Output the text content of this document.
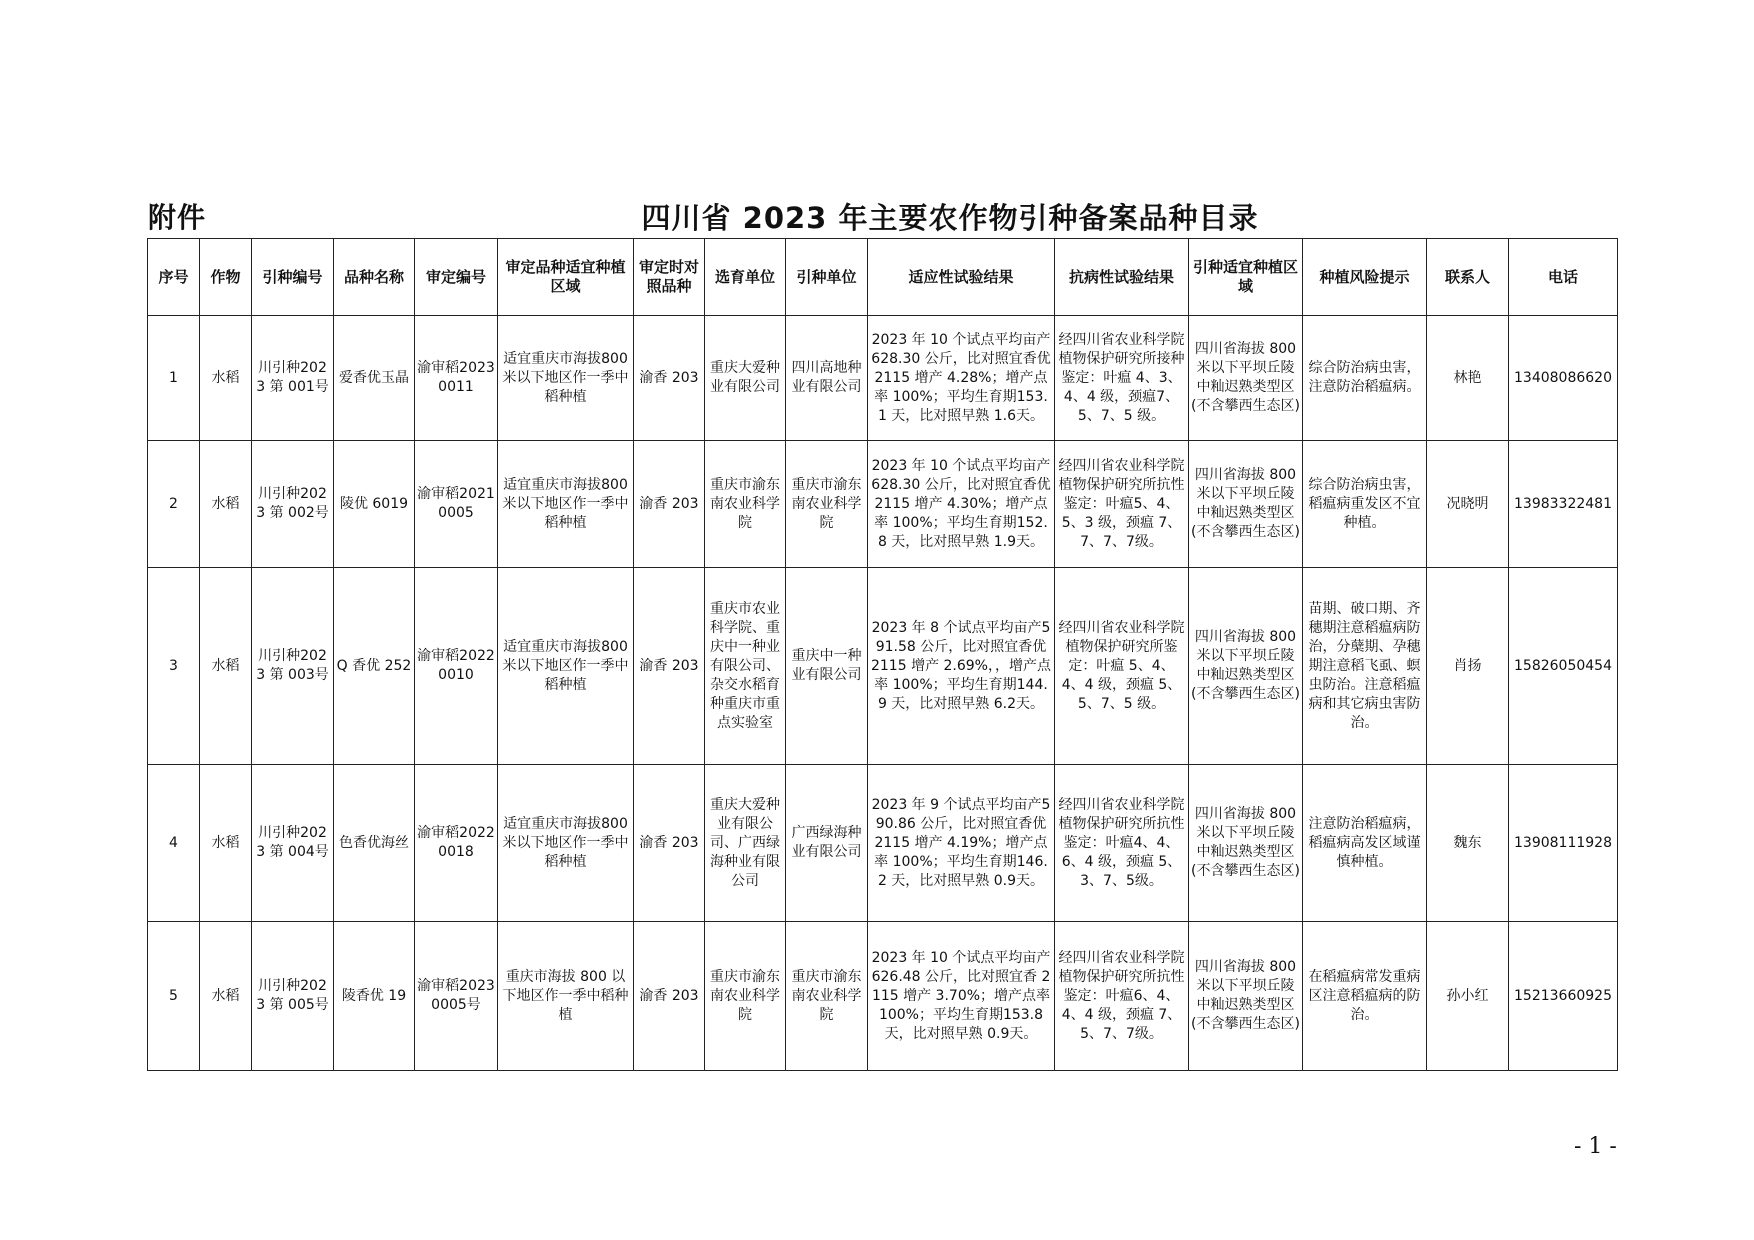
附件	四川省 2023 年主要农作物引种备案品种目录
序号	作物	引种编号	品种名称	审定编号	审定品种适宜种植区域	审定时对照品种	选育单位	引种单位	适应性试验结果	抗病性试验结果	引种适宜种植区域	种植风险提示	联系人	电话
1	水稻	川引种2023 第 001号	爱香优玉晶	渝审稻20230011	适宜重庆市海拔800 米以下地区作一季中稻种植	渝香 203	重庆大爱种业有限公司	四川高地种业有限公司	2023 年 10 个试点平均亩产 628.30 公斤，比对照宜香优 2115 增产 4.28%；增产点率 100%；平均生育期153.1 天，比对照早熟 1.6天。	经四川省农业科学院植物保护研究所接种鉴定：叶瘟 4、3、4、4 级，颈瘟7、5、7、5 级。	四川省海拔 800米以下平坝丘陵中籼迟熟类型区(不含攀西生态区)	综合防治病虫害，注意防治稻瘟病。	林艳	13408086620
2	水稻	川引种2023 第 002号	陵优 6019	渝审稻20210005	适宜重庆市海拔800 米以下地区作一季中稻种植	渝香 203	重庆市渝东南农业科学院	重庆市渝东南农业科学院	2023 年 10 个试点平均亩产 628.30 公斤，比对照宜香优 2115 增产 4.30%；增产点率 100%；平均生育期152.8 天，比对照早熟 1.9天。	经四川省农业科学院植物保护研究所抗性鉴定：叶瘟5、4、5、3 级，颈瘟 7、7、7、7级。	四川省海拔 800米以下平坝丘陵中籼迟熟类型区(不含攀西生态区)	综合防治病虫害，稻瘟病重发区不宜种植。	况晓明	13983322481
3	水稻	川引种2023 第 003号	Q 香优 252	渝审稻20220010	适宜重庆市海拔800 米以下地区作一季中稻种植	渝香 203	重庆市农业科学院、重庆中一种业有限公司、杂交水稻育种重庆市重点实验室	重庆中一种业有限公司	2023 年 8 个试点平均亩产591.58 公斤，比对照宜香优 2115 增产 2.69%，，增产点率 100%；平均生育期144.9 天，比对照早熟 6.2天。	经四川省农业科学院植物保护研究所鉴定：叶瘟 5、4、4、4 级，颈瘟 5、5、7、5 级。	四川省海拔 800米以下平坝丘陵中籼迟熟类型区(不含攀西生态区)	苗期、破口期、齐穗期注意稻瘟病防治，分蘖期、孕穗期注意稻飞虱、螟虫防治。注意稻瘟病和其它病虫害防治。	肖扬	15826050454
4	水稻	川引种2023 第 004号	色香优海丝	渝审稻20220018	适宜重庆市海拔800 米以下地区作一季中稻种植	渝香 203	重庆大爱种业有限公司、广西绿海种业有限公司	广西绿海种业有限公司	2023 年 9 个试点平均亩产590.86 公斤，比对照宜香优 2115 增产 4.19%；增产点率 100%；平均生育期146.2 天，比对照早熟 0.9天。	经四川省农业科学院植物保护研究所抗性鉴定：叶瘟4、4、6、4 级，颈瘟 5、3、7、5级。	四川省海拔 800米以下平坝丘陵中籼迟熟类型区(不含攀西生态区)	注意防治稻瘟病，稻瘟病高发区域谨慎种植。	魏东	13908111928
5	水稻	川引种2023 第 005号	陵香优 19	渝审稻20230005号	重庆市海拔 800 以下地区作一季中稻种植	渝香 203	重庆市渝东南农业科学院	重庆市渝东南农业科学院	2023 年 10 个试点平均亩产 626.48 公斤，比对照宜香 2115 增产 3.70%；增产点率 100%；平均生育期153.8 天，比对照早熟 0.9天。	经四川省农业科学院植物保护研究所抗性鉴定：叶瘟6、4、4、4 级，颈瘟 7、5、7、7级。	四川省海拔 800米以下平坝丘陵中籼迟熟类型区(不含攀西生态区)	在稻瘟病常发重病区注意稻瘟病的防治。	孙小红	15213660925
- 1 -
